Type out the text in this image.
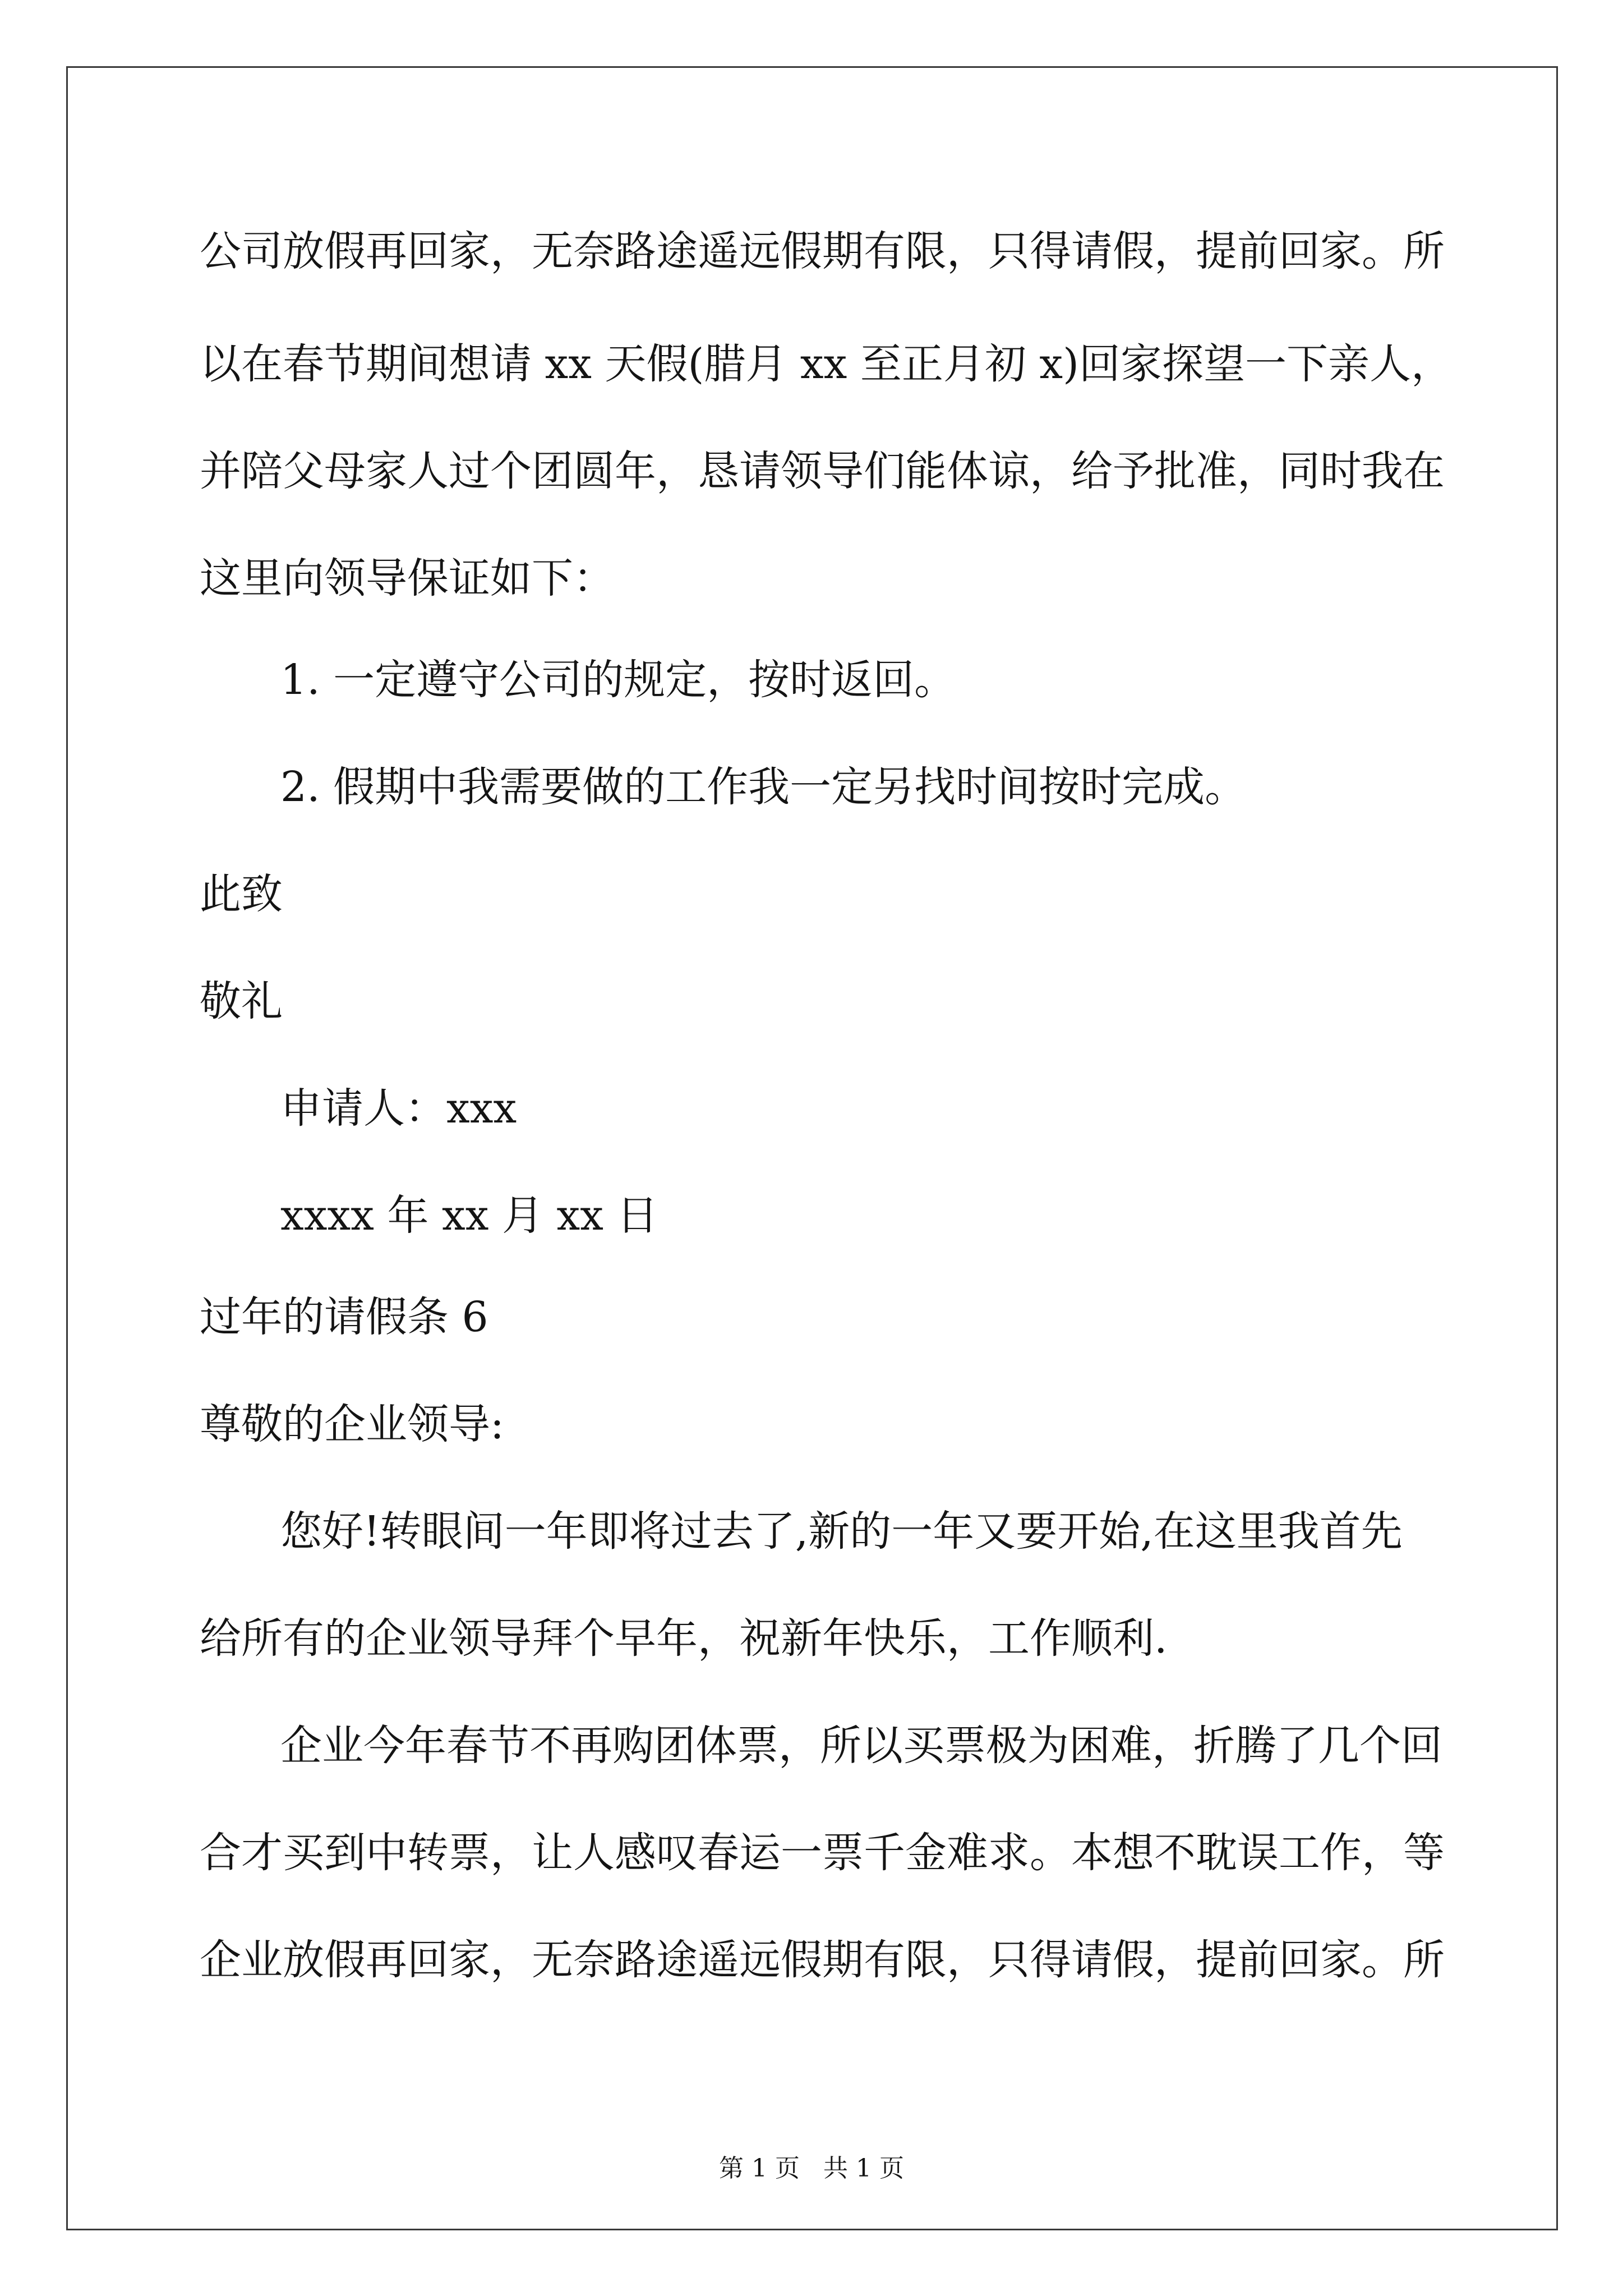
公司放假再回家，无奈路途遥远假期有限，只得请假，提前回家。所

以在春节期间想请 xx 天假(腊月 xx 至正月初 x)回家探望一下亲人，

并陪父母家人过个团圆年，恳请领导们能体谅，给予批准，同时我在

这里向领导保证如下：

1. 一定遵守公司的规定，按时返回。

2. 假期中我需要做的工作我一定另找时间按时完成。

此致

敬礼

申请人：xxx

xxxx 年 xx 月 xx 日

过年的请假条 6

尊敬的企业领导:

您好!转眼间一年即将过去了,新的一年又要开始,在这里我首先

给所有的企业领导拜个早年，祝新年快乐，工作顺利.

企业今年春节不再购团体票，所以买票极为困难，折腾了几个回

合才买到中转票，让人感叹春运一票千金难求。本想不耽误工作，等

企业放假再回家，无奈路途遥远假期有限，只得请假，提前回家。所

第 1 页   共 1 页
